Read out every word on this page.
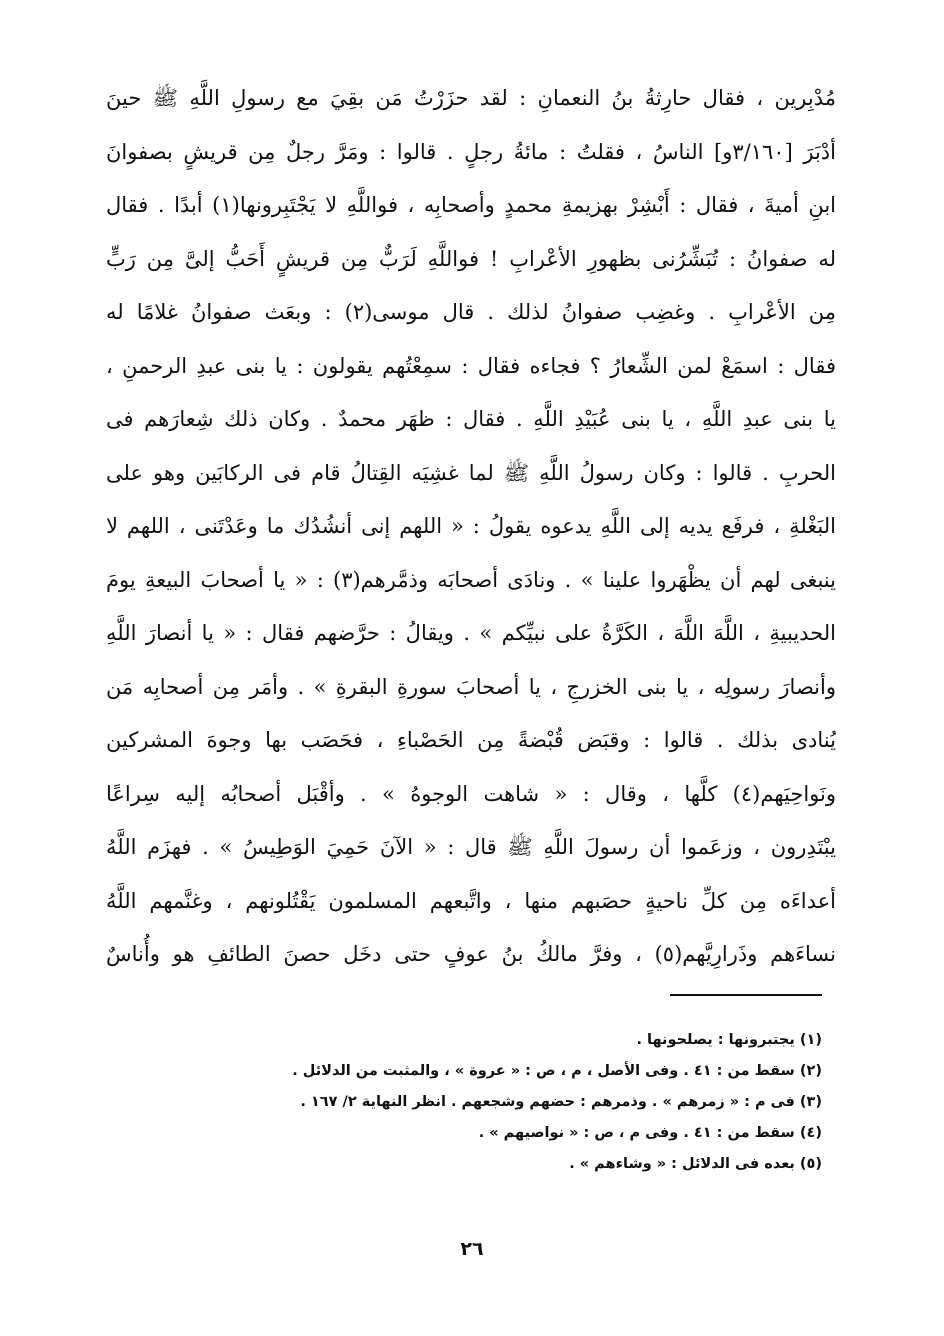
مُدْبِرين ، فقال حارِثةُ بنُ النعمانِ : لقد حزَرْتُ مَن بقِيَ مع رسولِ اللَّهِ ﷺ حينَ
أدْبَرَ [٣/١٦٠و] الناسُ ، فقلتُ : مائةُ رجلٍ . قالوا : ومَرَّ رجلٌ مِن قريشٍ بصفوانَ
ابنِ أميةَ ، فقال : أَبْشِرْ بهزيمةِ محمدٍ وأصحابِه ، فواللَّهِ لا يَجْتَبِرونها(١) أبدًا . فقال
له صفوانُ : تُبَشِّرُنى بظهورِ الأعْرابِ ! فواللَّهِ لَرَبٌّ مِن قريشٍ أَحَبُّ إلىَّ مِن رَبٍّ
مِن الأعْرابِ . وغضِب صفوانُ لذلك . قال موسى(٢) : وبعَث صفوانُ غلامًا له
فقال : اسمَعْ لمن الشِّعارُ ؟ فجاءه فقال : سمِعْتُهم يقولون : يا بنى عبدِ الرحمنِ ،
يا بنى عبدِ اللَّهِ ، يا بنى عُبَيْدِ اللَّهِ . فقال : ظهَر محمدٌ . وكان ذلك شِعارَهم فى
الحربِ . قالوا : وكان رسولُ اللَّهِ ﷺ لما غشِيَه القِتالُ قام فى الركابَين وهو على
البَغْلةِ ، فرفَع يديه إلى اللَّهِ يدعوه يقولُ : « اللهم إنى أنشُدُك ما وعَدْتَنى ، اللهم لا
ينبغى لهم أن يظْهَروا علينا » . ونادَى أصحابَه وذمَّرهم(٣) : « يا أصحابَ البيعةِ يومَ
الحديبيةِ ، اللَّهَ اللَّهَ ، الكَرَّةُ على نبيِّكم » . ويقالُ : حرَّضهم فقال : « يا أنصارَ اللَّهِ
وأنصارَ رسولِه ، يا بنى الخزرجِ ، يا أصحابَ سورةِ البقرةِ » . وأمَر مِن أصحابِه مَن
يُنادى بذلك . قالوا : وقبَض قُبْضةً مِن الحَصْباءِ ، فحَصَب بها وجوهَ المشركين
ونَواحِيَهم(٤) كلَّها ، وقال : « شاهت الوجوهُ » . وأقْبَل أصحابُه إليه سِراعًا
يبْتَدِرون ، وزعَموا أن رسولَ اللَّهِ ﷺ قال : « الآنَ حَمِيَ الوَطِيسُ » . فهزَم اللَّهُ
أعداءَه مِن كلِّ ناحيةٍ حصَبهم منها ، واتَّبعهم المسلمون يَقْتُلونهم ، وغنَّمهم اللَّهُ
نساءَهم وذَرارِيَّهم(٥) ، وفرَّ مالكُ بنُ عوفٍ حتى دخَل حصنَ الطائفِ هو وأُناسٌ
(١) يجتبرونها : يصلحونها .
(٢) سقط من : ٤١ . وفى الأصل ، م ، ص : « عروة » ، والمثبت من الدلائل .
(٣) فى م : « زمرهم » . وذمرهم : حضهم وشجعهم . انظر النهاية ٢/ ١٦٧ .
(٤) سقط من : ٤١ . وفى م ، ص : « نواصيهم » .
(٥) بعده فى الدلائل : « وشاءهم » .
٢٦
